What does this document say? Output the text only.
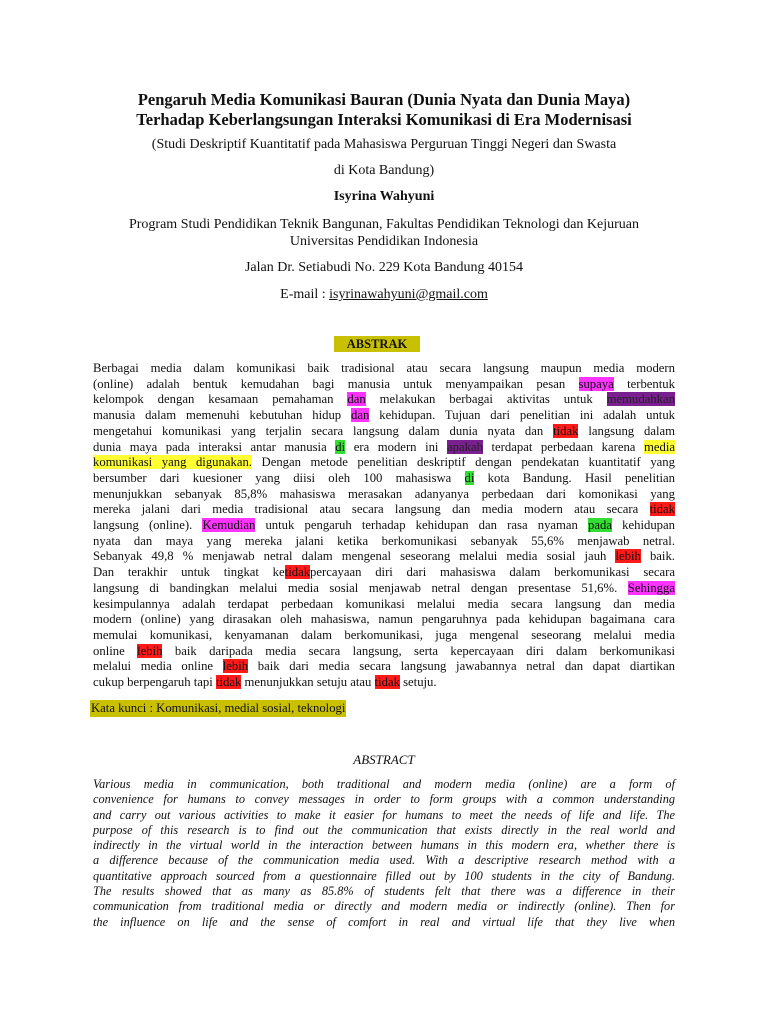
Pengaruh Media Komunikasi Bauran (Dunia Nyata dan Dunia Maya)
Terhadap Keberlangsungan Interaksi Komunikasi di Era Modernisasi
(Studi Deskriptif Kuantitatif pada Mahasiswa Perguruan Tinggi Negeri dan Swasta
di Kota Bandung)
Isyrina Wahyuni
Program Studi Pendidikan Teknik Bangunan, Fakultas Pendidikan Teknologi dan Kejuruan
Universitas Pendidikan Indonesia
Jalan Dr. Setiabudi No. 229 Kota Bandung 40154
E-mail : isyrinawahyuni@gmail.com
ABSTRAK

Berbagai media dalam komunikasi baik tradisional atau secara langsung maupun media modern

(online) adalah bentuk kemudahan bagi manusia untuk menyampaikan pesan supaya terbentuk

kelompok dengan kesamaan pemahaman dan melakukan berbagai aktivitas untuk memudahkan

manusia dalam memenuhi kebutuhan hidup dan kehidupan. Tujuan dari penelitian ini adalah untuk

mengetahui komunikasi yang terjalin secara langsung dalam dunia nyata dan tidak langsung dalam

dunia maya pada interaksi antar manusia di era modern ini apakah terdapat perbedaan karena media

komunikasi yang digunakan. Dengan metode penelitian deskriptif dengan pendekatan kuantitatif yang

bersumber dari kuesioner yang diisi oleh 100 mahasiswa di kota Bandung. Hasil penelitian

menunjukkan sebanyak 85,8% mahasiswa merasakan adanyanya perbedaan dari komonikasi yang

mereka jalani dari media tradisional atau secara langsung dan media modern atau secara tidak

langsung (online). Kemudian untuk pengaruh terhadap kehidupan dan rasa nyaman pada kehidupan

nyata dan maya yang mereka jalani ketika berkomunikasi sebanyak 55,6% menjawab netral.

Sebanyak 49,8 % menjawab netral dalam mengenal seseorang melalui media sosial jauh lebih baik.

Dan terakhir untuk tingkat ketidakpercayaan diri dari mahasiswa dalam berkomunikasi secara

langsung di bandingkan melalui media sosial menjawab netral dengan presentase 51,6%. Sehingga

kesimpulannya adalah terdapat perbedaan komunikasi melalui media secara langsung dan media

modern (online) yang dirasakan oleh mahasiswa, namun pengaruhnya pada kehidupan bagaimana cara

memulai komunikasi, kenyamanan dalam berkomunikasi, juga mengenal seseorang melalui media

online lebih baik daripada media secara langsung, serta kepercayaan diri dalam berkomunikasi

melalui media online lebih baik dari media secara langsung jawabannya netral dan dapat diartikan

cukup berpengaruh tapi tidak menunjukkan setuju atau tidak setuju.

Kata kunci : Komunikasi, medial sosial, teknologi
ABSTRACT

Various media in communication, both traditional and modern media (online) are a form of

convenience for humans to convey messages in order to form groups with a common understanding

and carry out various activities to make it easier for humans to meet the needs of life and life. The

purpose of this research is to find out the communication that exists directly in the real world and

indirectly in the virtual world in the interaction between humans in this modern era, whether there is

a difference because of the communication media used. With a descriptive research method with a

quantitative approach sourced from a questionnaire filled out by 100 students in the city of Bandung.

The results showed that as many as 85.8% of students felt that there was a difference in their

communication from traditional media or directly and modern media or indirectly (online). Then for

the influence on life and the sense of comfort in real and virtual life that they live when
